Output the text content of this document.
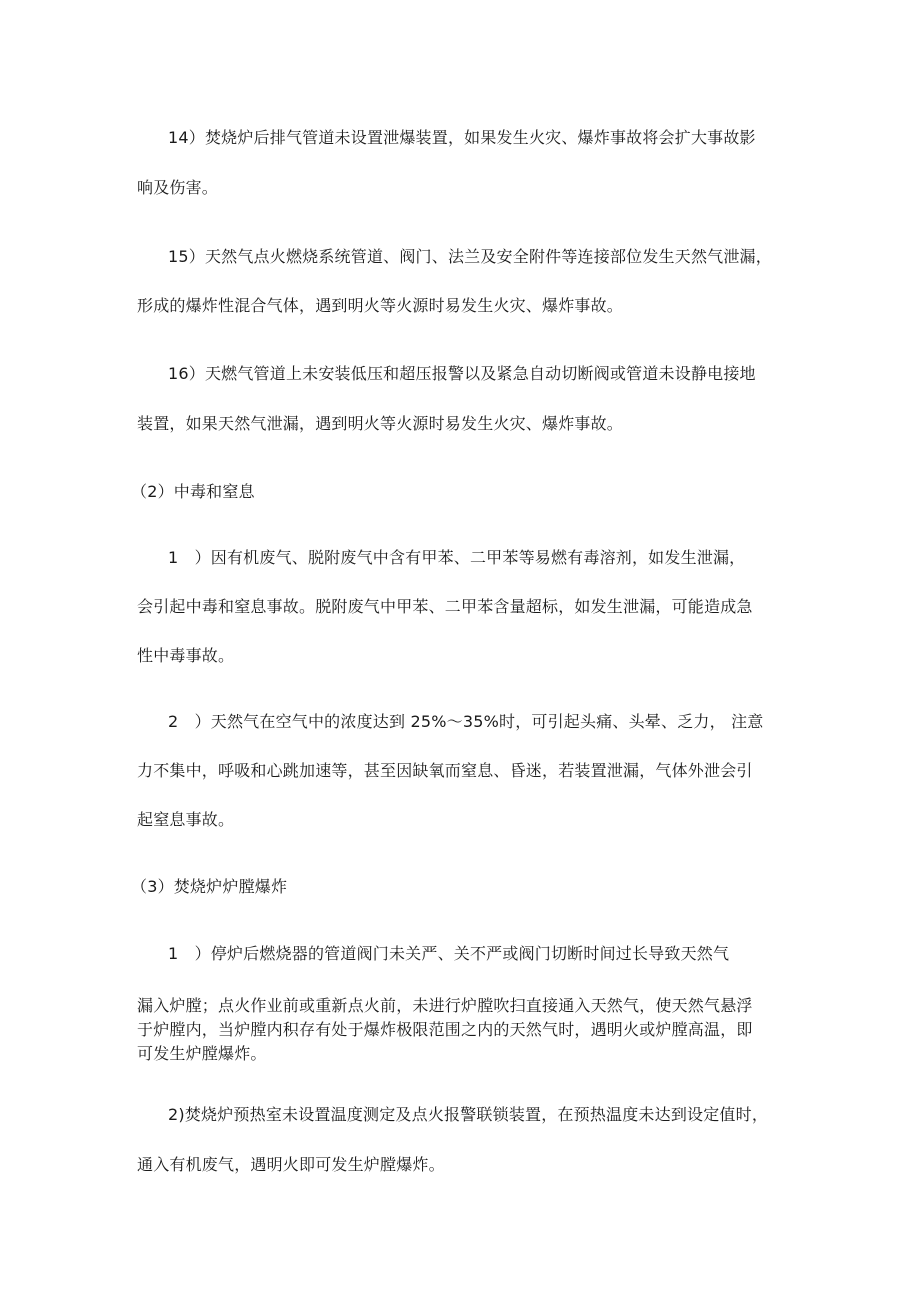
14）焚烧炉后排气管道未设置泄爆装置，如果发生火灾、爆炸事故将会扩大事故影
响及伤害。
15）天然气点火燃烧系统管道、阀门、法兰及安全附件等连接部位发生天然气泄漏，
形成的爆炸性混合气体，遇到明火等火源时易发生火灾、爆炸事故。
16）天燃气管道上未安装低压和超压报警以及紧急自动切断阀或管道未设静电接地
装置，如果天然气泄漏，遇到明火等火源时易发生火灾、爆炸事故。
（2）中毒和窒息
1　）因有机废气、脱附废气中含有甲苯、二甲苯等易燃有毒溶剂，如发生泄漏，
会引起中毒和窒息事故。脱附废气中甲苯、二甲苯含量超标，如发生泄漏，可能造成急
性中毒事故。
2　）天然气在空气中的浓度达到 25%～35%时，可引起头痛、头晕、乏力， 注意
力不集中，呼吸和心跳加速等，甚至因缺氧而窒息、昏迷，若装置泄漏，气体外泄会引
起窒息事故。
（3）焚烧炉炉膛爆炸
1　）停炉后燃烧器的管道阀门未关严、关不严或阀门切断时间过长导致天然气
漏入炉膛；点火作业前或重新点火前，未进行炉膛吹扫直接通入天然气，使天然气悬浮
于炉膛内，当炉膛内积存有处于爆炸极限范围之内的天然气时，遇明火或炉膛高温，即
可发生炉膛爆炸。
2)焚烧炉预热室未设置温度测定及点火报警联锁装置，在预热温度未达到设定值时，
通入有机废气，遇明火即可发生炉膛爆炸。
